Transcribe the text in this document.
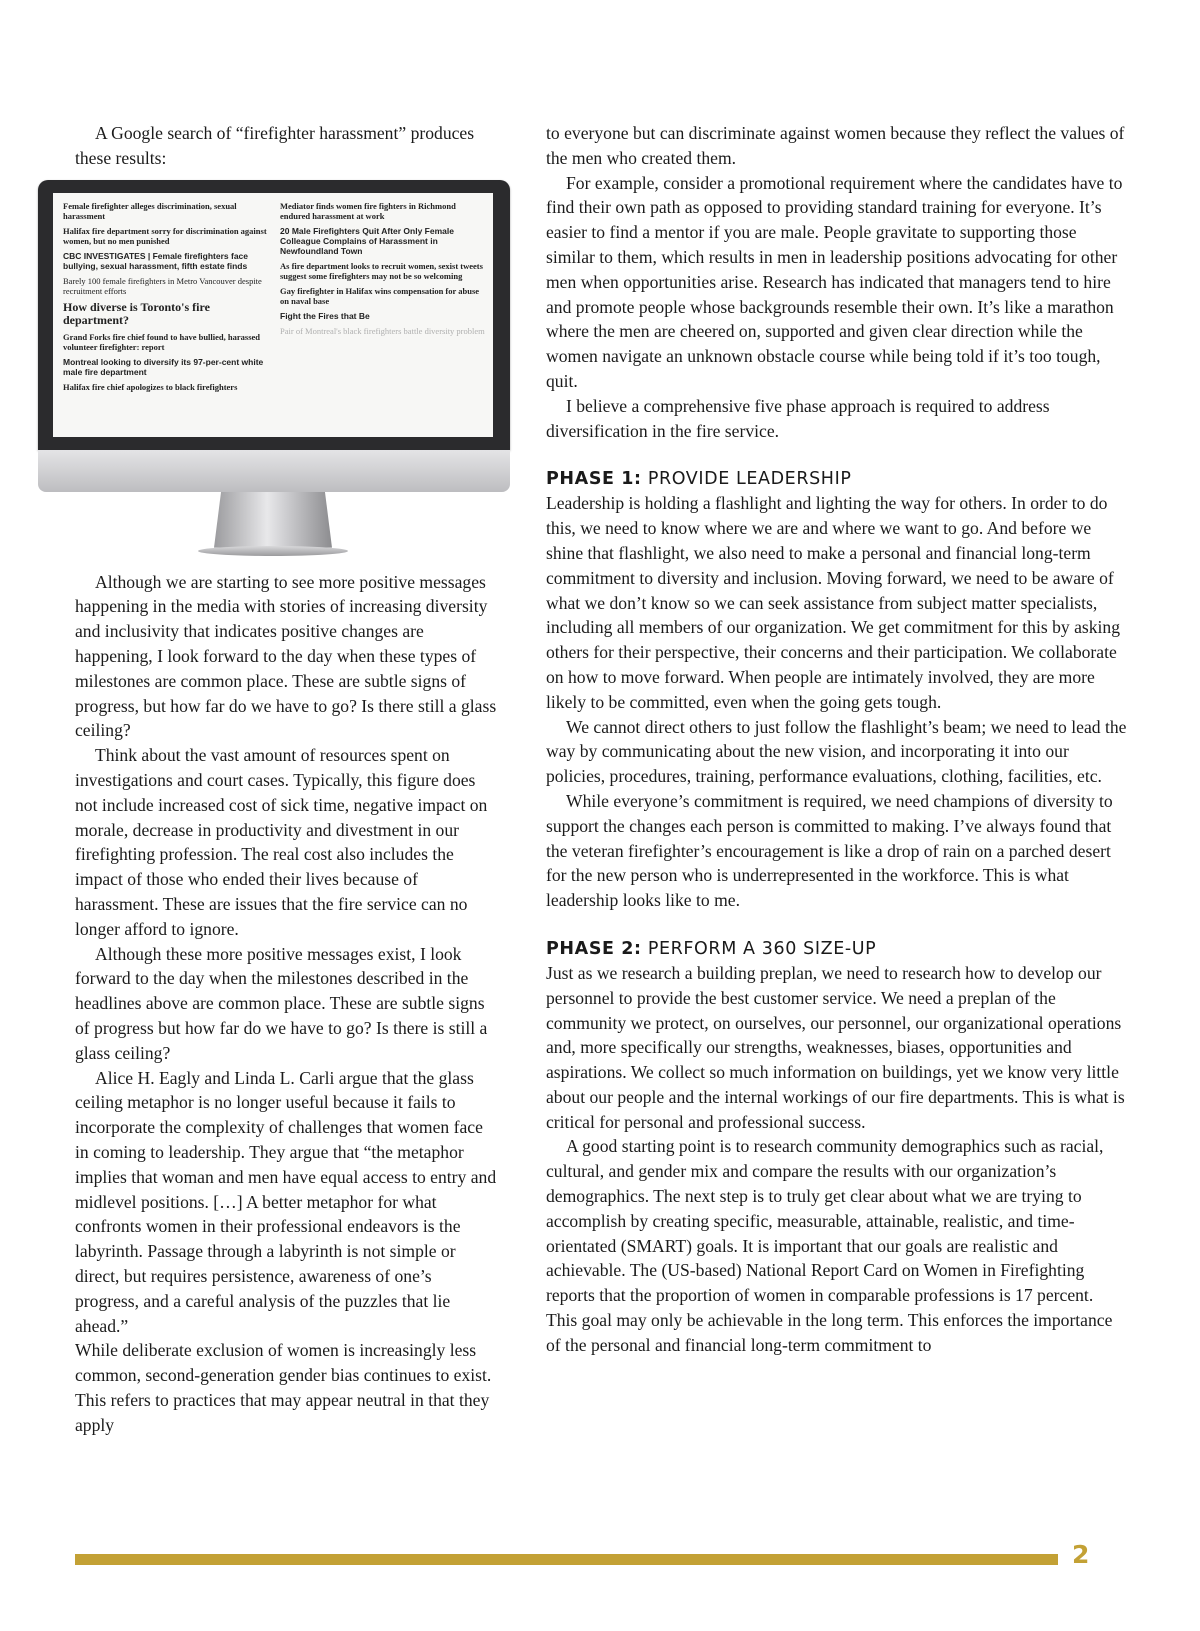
A Google search of “firefighter harassment” produces these results:

Female firefighter alleges discrimination, sexual harassment
Halifax fire department sorry for discrimination against women, but no men punished
CBC INVESTIGATES | Female firefighters face bullying, sexual harassment, fifth estate finds
Barely 100 female firefighters in Metro Vancouver despite recruitment efforts
How diverse is Toronto's fire department?
Grand Forks fire chief found to have bullied, harassed volunteer firefighter: report
Montreal looking to diversify its 97-per-cent white male fire department
Halifax fire chief apologizes to black firefighters
Mediator finds women fire fighters in Richmond endured harassment at work
20 Male Firefighters Quit After Only Female Colleague Complains of Harassment in Newfoundland Town
As fire department looks to recruit women, sexist tweets suggest some firefighters may not be so welcoming
Gay firefighter in Halifax wins compensation for abuse on naval base
Fight the Fires that Be
Pair of Montreal's black firefighters battle diversity problem

Although we are starting to see more positive messages happening in the media with stories of increasing diversity and inclusivity that indicates positive changes are happening, I look forward to the day when these types of milestones are common place. These are subtle signs of progress, but how far do we have to go? Is there still a glass ceiling?

Think about the vast amount of resources spent on investigations and court cases. Typically, this figure does not include increased cost of sick time, negative impact on morale, decrease in productivity and divestment in our firefighting profession. The real cost also includes the impact of those who ended their lives because of harassment. These are issues that the fire service can no longer afford to ignore.

Although these more positive messages exist, I look forward to the day when the milestones described in the headlines above are common place. These are subtle signs of progress but how far do we have to go? Is there is still a glass ceiling?

Alice H. Eagly and Linda L. Carli argue that the glass ceiling metaphor is no longer useful because it fails to incorporate the complexity of challenges that women face in coming to leadership. They argue that “the metaphor implies that woman and men have equal access to entry and midlevel positions. […] A better metaphor for what confronts women in their professional endeavors is the labyrinth. Passage through a labyrinth is not simple or direct, but requires persistence, awareness of one’s progress, and a careful analysis of the puzzles that lie ahead.”

While deliberate exclusion of women is increasingly less common, second-generation gender bias continues to exist. This refers to practices that may appear neutral in that they apply

to everyone but can discriminate against women because they reflect the values of the men who created them.

For example, consider a promotional requirement where the candidates have to find their own path as opposed to providing standard training for everyone. It’s easier to find a mentor if you are male. People gravitate to supporting those similar to them, which results in men in leadership positions advocating for other men when opportunities arise. Research has indicated that managers tend to hire and promote people whose backgrounds resemble their own. It’s like a marathon where the men are cheered on, supported and given clear direction while the women navigate an unknown obstacle course while being told if it’s too tough, quit.

I believe a comprehensive five phase approach is required to address diversification in the fire service.

PHASE 1: PROVIDE LEADERSHIP

Leadership is holding a flashlight and lighting the way for others. In order to do this, we need to know where we are and where we want to go. And before we shine that flashlight, we also need to make a personal and financial long-term commitment to diversity and inclusion. Moving forward, we need to be aware of what we don’t know so we can seek assistance from subject matter specialists, including all members of our organization. We get commitment for this by asking others for their perspective, their concerns and their participation. We collaborate on how to move forward. When people are intimately involved, they are more likely to be committed, even when the going gets tough.

We cannot direct others to just follow the flashlight’s beam; we need to lead the way by communicating about the new vision, and incorporating it into our policies, procedures, training, performance evaluations, clothing, facilities, etc.

While everyone’s commitment is required, we need champions of diversity to support the changes each person is committed to making. I’ve always found that the veteran firefighter’s encouragement is like a drop of rain on a parched desert for the new person who is underrepresented in the workforce. This is what leadership looks like to me.

PHASE 2: PERFORM A 360 SIZE-UP

Just as we research a building preplan, we need to research how to develop our personnel to provide the best customer service. We need a preplan of the community we protect, on ourselves, our personnel, our organizational operations and, more specifically our strengths, weaknesses, biases, opportunities and aspirations. We collect so much information on buildings, yet we know very little about our people and the internal workings of our fire departments. This is what is critical for personal and professional success.

A good starting point is to research community demographics such as racial, cultural, and gender mix and compare the results with our organization’s demographics. The next step is to truly get clear about what we are trying to accomplish by creating specific, measurable, attainable, realistic, and time-orientated (SMART) goals. It is important that our goals are realistic and achievable. The (US-based) National Report Card on Women in Firefighting reports that the proportion of women in comparable professions is 17 percent. This goal may only be achievable in the long term. This enforces the importance of the personal and financial long-term commitment to

2
